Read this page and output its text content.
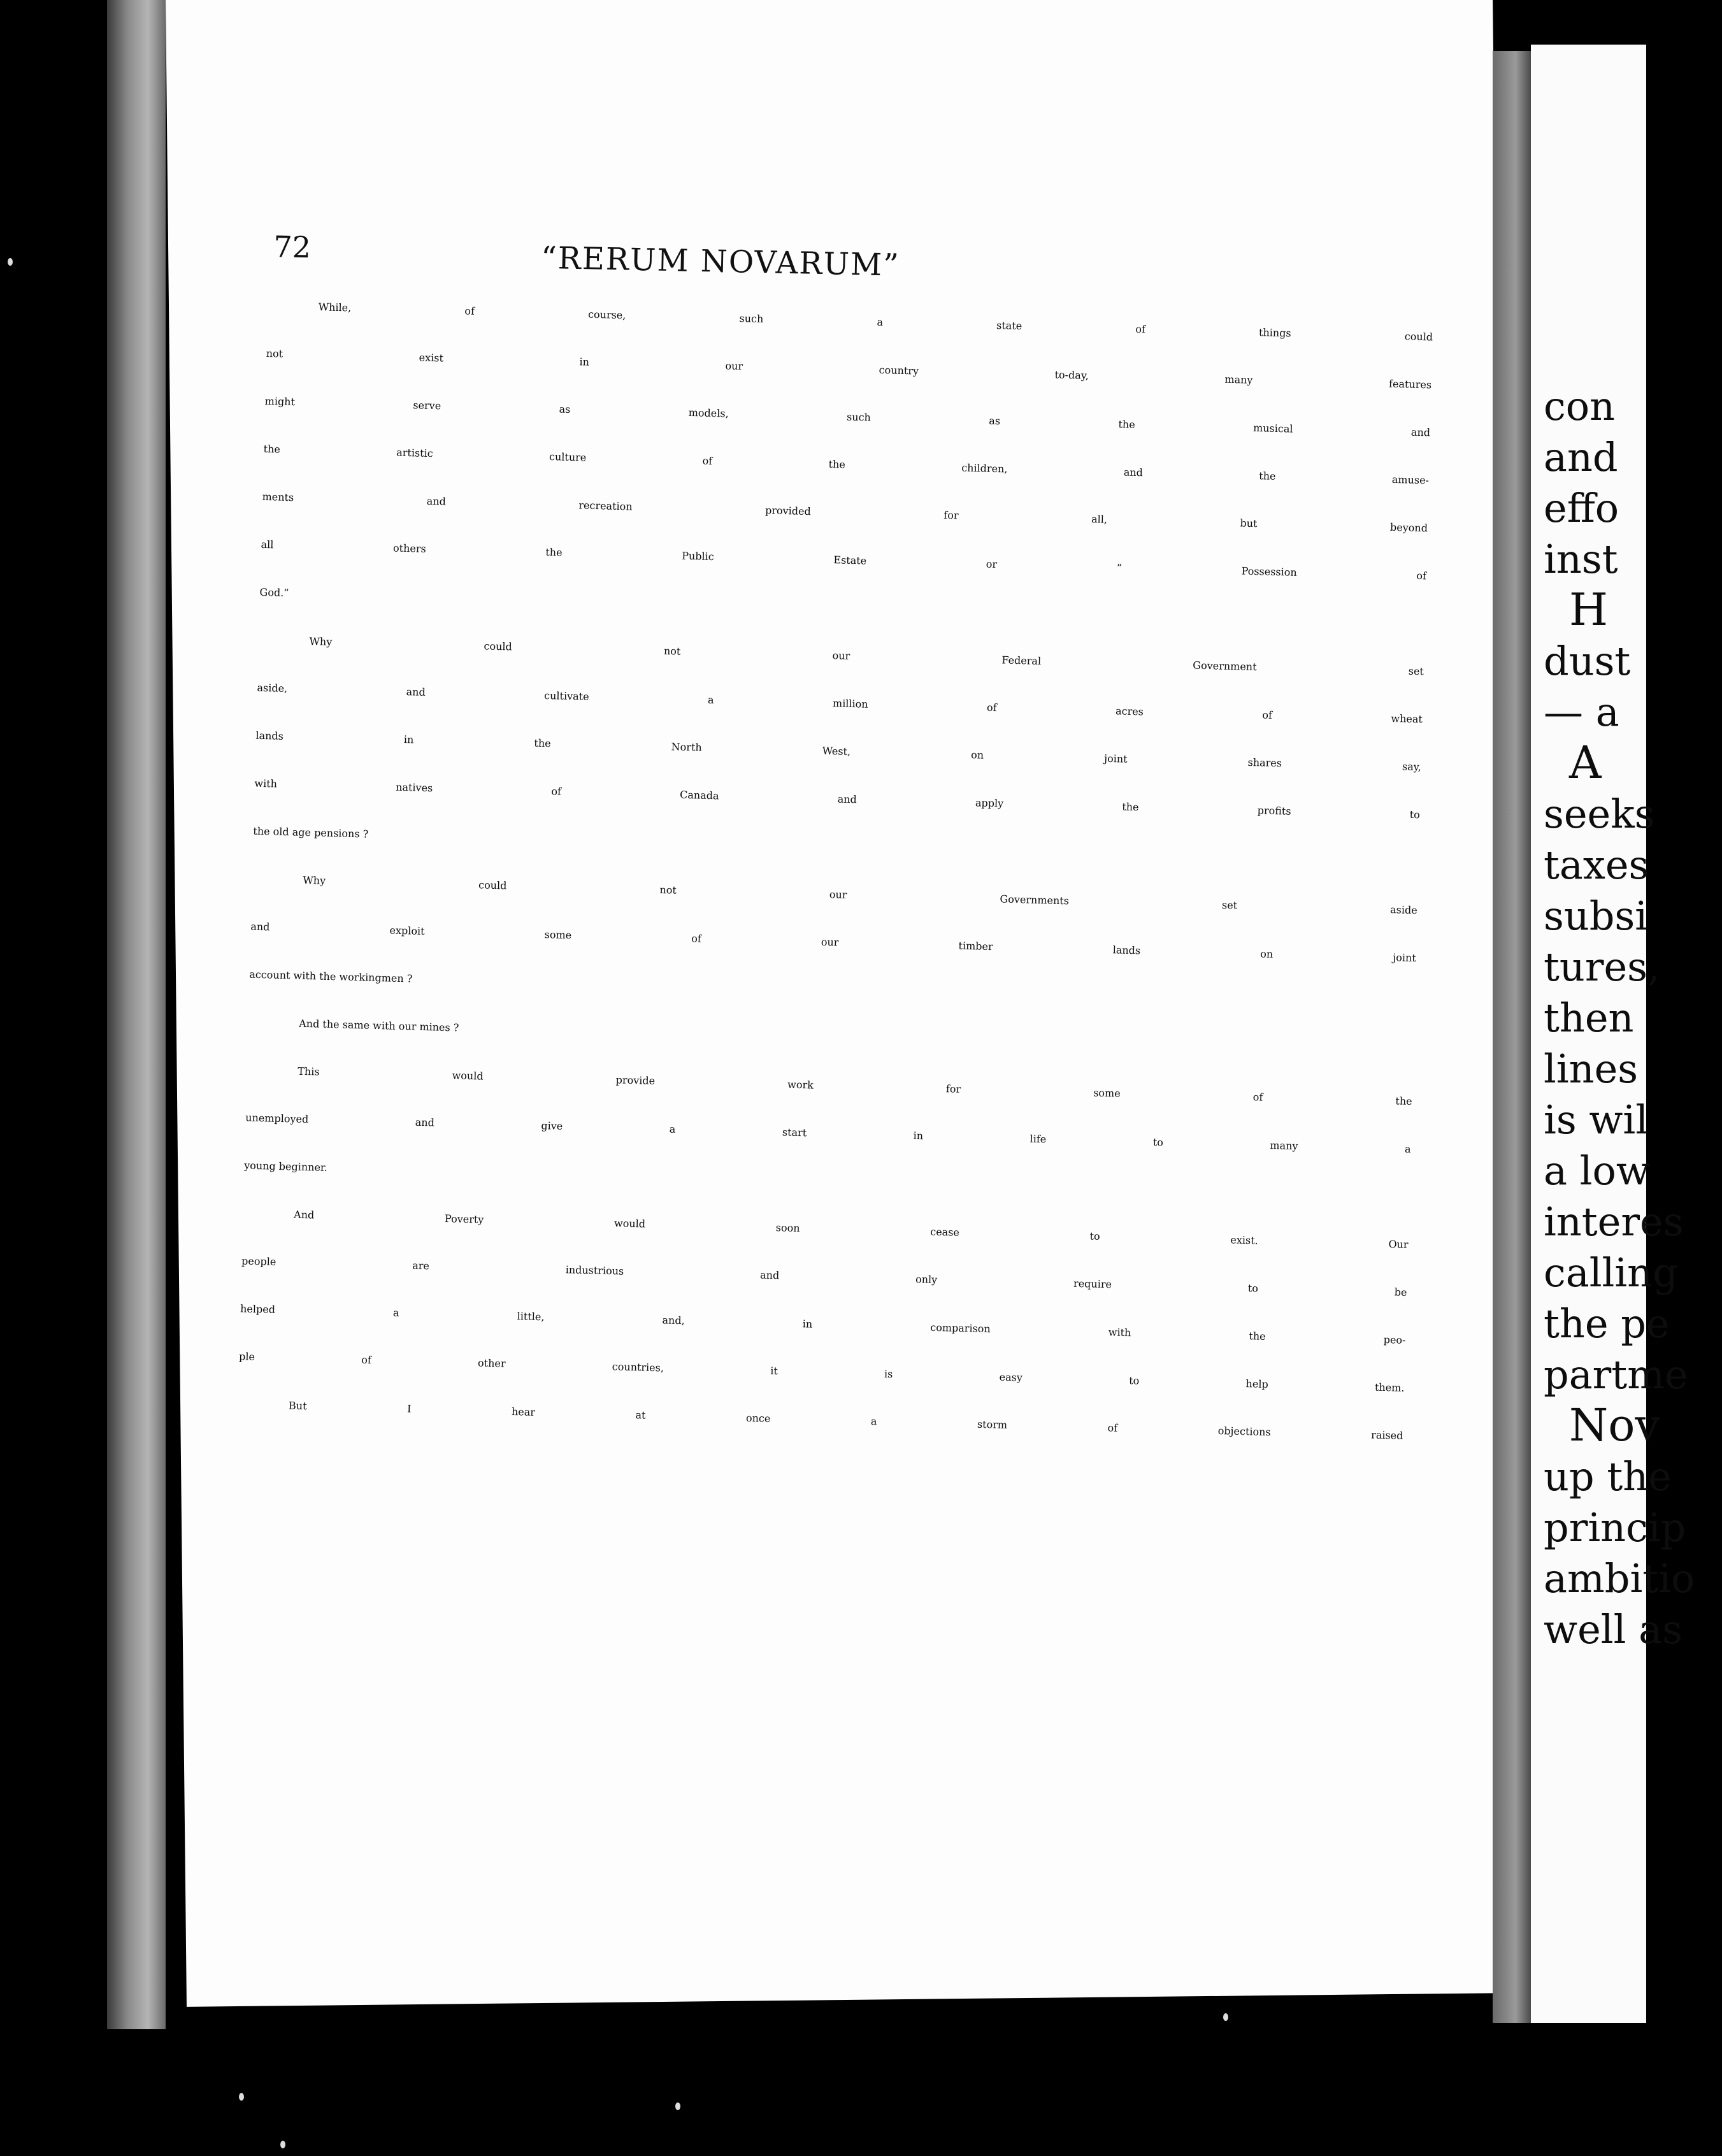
72	“RERUM NOVARUM”
While, of course, such a state of things could
not exist in our country to-day, many features
might serve as models, such as the musical and
the artistic culture of the children, and the amuse-
ments and recreation provided for all, but beyond
all others the Public Estate or “ Possession of
God.”
Why could not our Federal Government set
aside, and cultivate a million of acres of wheat
lands in the North West, on joint shares say,
with natives of Canada and apply the profits to
the old age pensions ?
Why could not our Governments set aside
and exploit some of our timber lands on joint
account with the workingmen ?
And the same with our mines ?
This would provide work for some of the
unemployed and give a start in life to many a
young beginner.
And Poverty would soon cease to exist. Our
people are industrious and only require to be
helped a little, and, in comparison with the peo-
ple of other countries, it is easy to help them.
But I hear at once a storm of objections raised
con
and
effo
inst
H
dust
— a
A
seeks
taxes
subsi
tures,
then
lines
is wil
a low
interes
calling
the pe
partme
Nov
up the
princip
ambitio
well as
